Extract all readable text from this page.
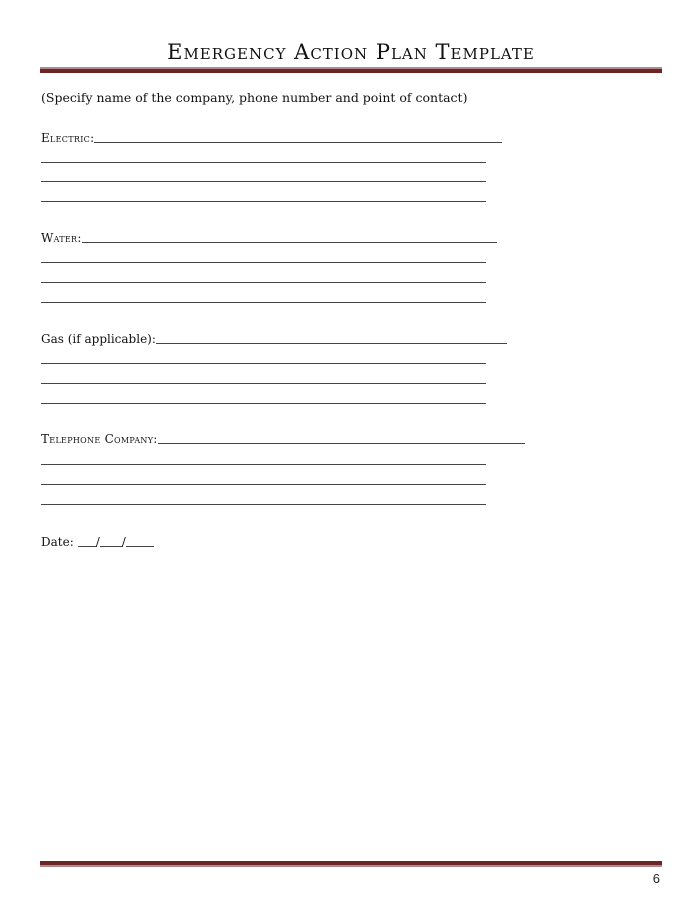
Emergency Action Plan Template
(Specify name of the company, phone number and point of contact)
Electric:
Water:
Gas (if applicable):
Telephone Company:
Date: / /
6
